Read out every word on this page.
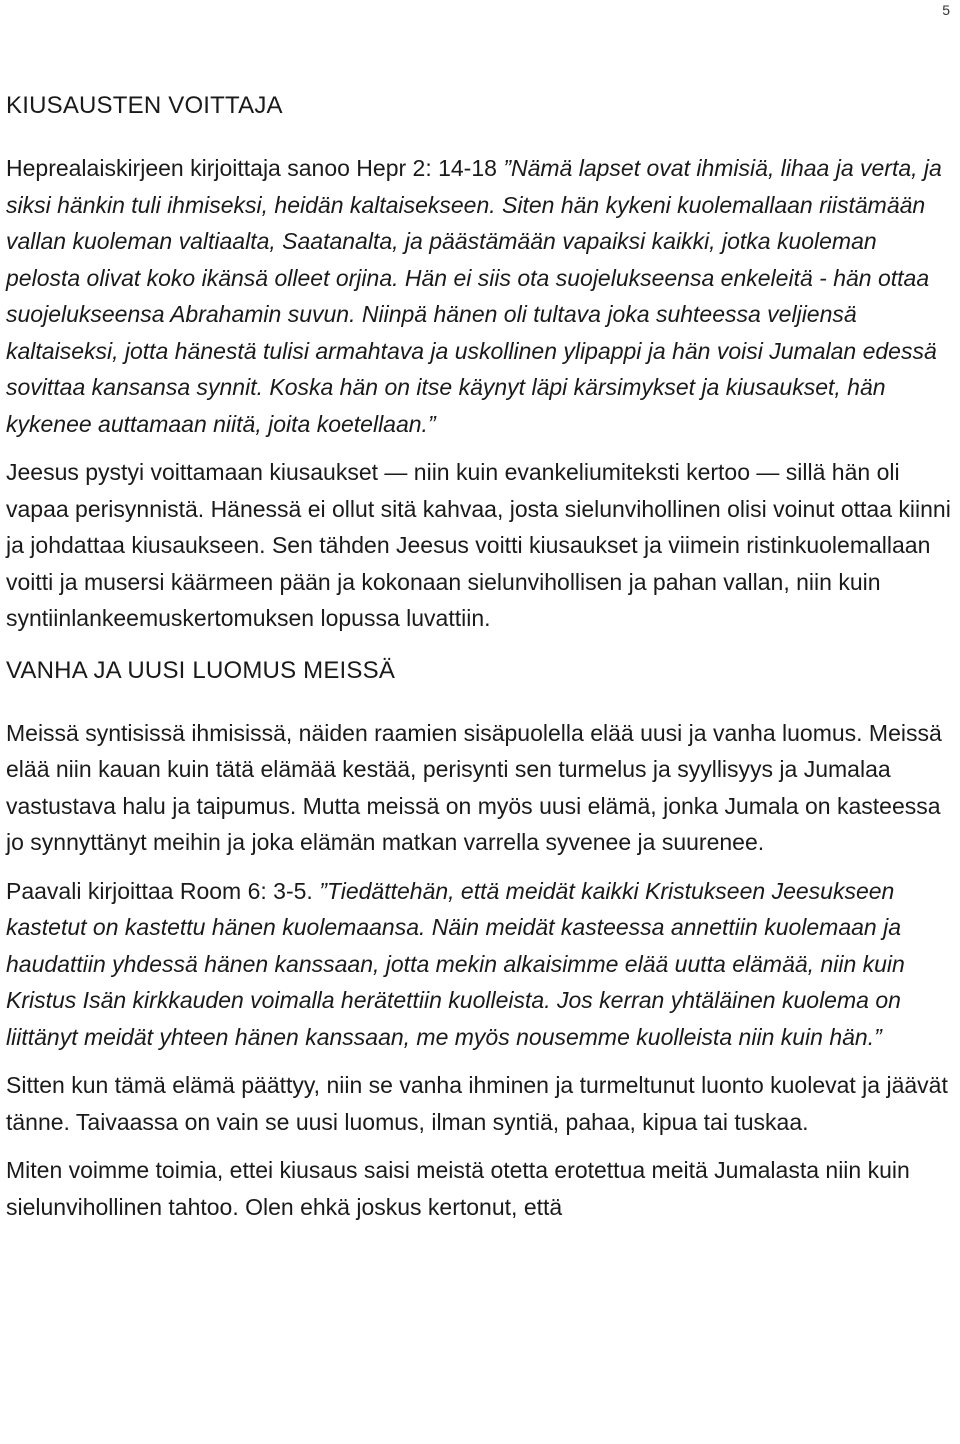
5
KIUSAUSTEN VOITTAJA

Heprealaiskirjeen kirjoittaja sanoo Hepr 2: 14-18 ”Nämä lapset ovat ihmisiä, lihaa ja verta, ja siksi hänkin tuli ihmiseksi, heidän kaltaisekseen. Siten hän kykeni kuolemallaan riistämään vallan kuoleman valtiaalta, Saatanalta, ja päästämään vapaiksi kaikki, jotka kuoleman pelosta olivat koko ikänsä olleet orjina. Hän ei siis ota suojelukseensa enkeleitä - hän ottaa suojelukseensa Abrahamin suvun. Niinpä hänen oli tultava joka suhteessa veljiensä kaltaiseksi, jotta hänestä tulisi armahtava ja uskollinen ylipappi ja hän voisi Jumalan edessä sovittaa kansansa synnit. Koska hän on itse käynyt läpi kärsimykset ja kiusaukset, hän kykenee auttamaan niitä, joita koetellaan.”

Jeesus pystyi voittamaan kiusaukset — niin kuin evankeliumiteksti kertoo — sillä hän oli vapaa perisynnistä. Hänessä ei ollut sitä kahvaa, josta sielunvihollinen olisi voinut ottaa kiinni ja johdattaa kiusaukseen. Sen tähden Jeesus voitti kiusaukset ja viimein ristinkuolemallaan voitti ja musersi käärmeen pään ja kokonaan sielunvihollisen ja pahan vallan, niin kuin syntiinlankeemuskertomuksen lopussa luvattiin.

VANHA JA UUSI LUOMUS MEISSÄ

Meissä syntisissä ihmisissä, näiden raamien sisäpuolella elää uusi ja vanha luomus. Meissä elää niin kauan kuin tätä elämää kestää, perisynti sen turmelus ja syyllisyys ja Jumalaa vastustava halu ja taipumus. Mutta meissä on myös uusi elämä, jonka Jumala on kasteessa jo synnyttänyt meihin ja joka elämän matkan varrella syvenee ja suurenee.

Paavali kirjoittaa Room 6: 3-5. ”Tiedättehän, että meidät kaikki Kristukseen Jeesukseen kastetut on kastettu hänen kuolemaansa. Näin meidät kasteessa annettiin kuolemaan ja haudattiin yhdessä hänen kanssaan, jotta mekin alkaisimme elää uutta elämää, niin kuin Kristus Isän kirkkauden voimalla herätettiin kuolleista. Jos kerran yhtäläinen kuolema on liittänyt meidät yhteen hänen kanssaan, me myös nousemme kuolleista niin kuin hän.”

Sitten kun tämä elämä päättyy, niin se vanha ihminen ja turmeltunut luonto kuolevat ja jäävät tänne. Taivaassa on vain se uusi luomus, ilman syntiä, pahaa, kipua tai tuskaa.

Miten voimme toimia, ettei kiusaus saisi meistä otetta erotettua meitä Jumalasta niin kuin sielunvihollinen tahtoo. Olen ehkä joskus kertonut, että
